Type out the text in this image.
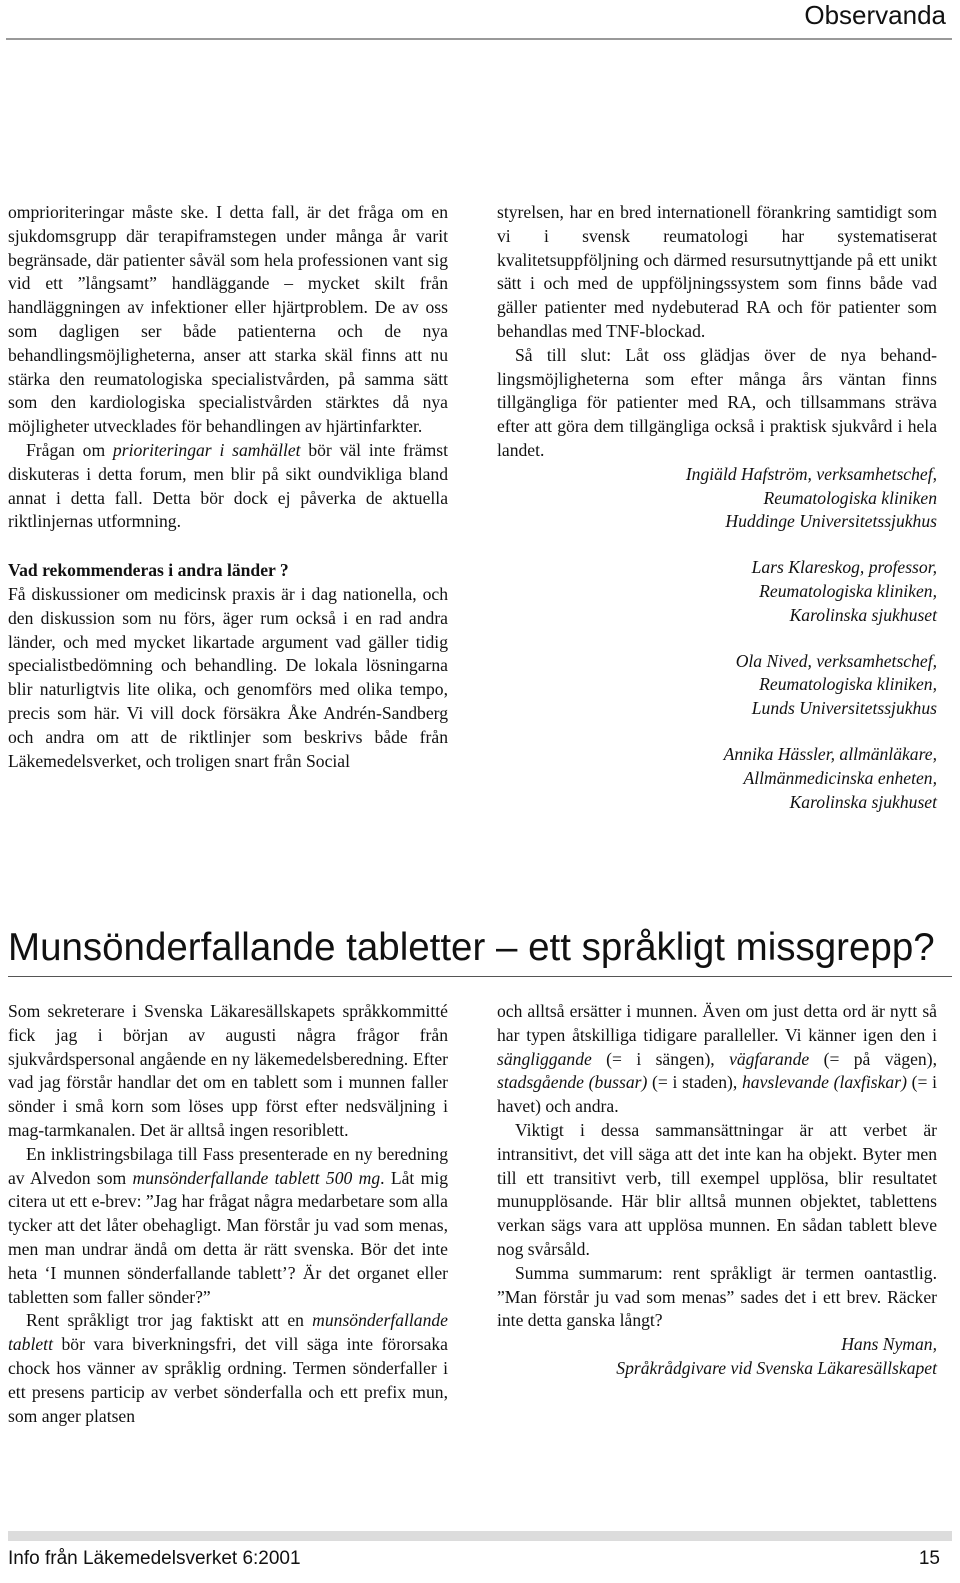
Observanda

omprioriteringar måste ske. I detta fall, är det fråga om en sjukdomsgrupp där terapiframstegen under många år varit begränsade, där patienter såväl som hela professionen vant sig vid ett ”långsamt” handläggande – mycket skilt från handläggningen av infektioner eller hjärtproblem. De av oss som dagligen ser både patienterna och de nya behandlingsmöjligheterna, anser att starka skäl finns att nu stärka den reumatologiska specialistvården, på samma sätt som den kardiologiska specialistvården stärktes då nya möjligheter utvecklades för behandlingen av hjärtinfarkter.

Frågan om prioriteringar i samhället bör väl inte främst diskuteras i detta forum, men blir på sikt oundvikliga bland annat i detta fall. Detta bör dock ej påverka de aktuella riktlinjernas utformning.

Vad rekommenderas i andra länder ?

Få diskussioner om medicinsk praxis är i dag nationella, och den diskussion som nu förs, äger rum också i en rad andra länder, och med mycket likartade argument vad gäller tidig specialistbedömning och behandling. De lokala lösningarna blir naturligtvis lite olika, och genomförs med olika tempo, precis som här. Vi vill dock försäkra Åke Andrén-Sandberg och andra om att de riktlinjer som beskrivs både från Läkemedelsverket, och troligen snart från Social

styrelsen, har en bred internationell förankring samtidigt som vi i svensk reumatologi har systematiserat kvalitetsuppföljning och därmed resursutnyttjande på ett unikt sätt i och med de uppföljningssystem som finns både vad gäller patienter med nydebuterad RA och för patienter som behandlas med TNF-blockad.

Så till slut: Låt oss glädjas över de nya behandlingsmöjligheterna som efter många års väntan finns tillgängliga för patienter med RA, och tillsammans sträva efter att göra dem tillgängliga också i praktisk sjukvård i hela landet.

Ingiäld Hafström, verksamhetschef,

Reumatologiska kliniken

Huddinge Universitetssjukhus

Lars Klareskog, professor,

Reumatologiska kliniken,

Karolinska sjukhuset

Ola Nived, verksamhetschef,

Reumatologiska kliniken,

Lunds Universitetssjukhus

Annika Hässler, allmänläkare,

Allmänmedicinska enheten,

Karolinska sjukhuset

Munsönderfallande tabletter – ett språkligt missgrepp?

Som sekreterare i Svenska Läkaresällskapets språkkommitté fick jag i början av augusti några frågor från sjukvårdspersonal angående en ny läkemedelsberedning. Efter vad jag förstår handlar det om en tablett som i munnen faller sönder i små korn som löses upp först efter nedsväljning i mag-tarmkanalen. Det är alltså ingen resoriblett.

En inklistringsbilaga till Fass presenterade en ny beredning av Alvedon som munsönderfallande tablett 500 mg. Låt mig citera ut ett e-brev: ”Jag har frågat några medarbetare som alla tycker att det låter obehagligt. Man förstår ju vad som menas, men man undrar ändå om detta är rätt svenska. Bör det inte heta ‘I munnen sönderfallande tablett’? Är det organet eller tabletten som faller sönder?”

Rent språkligt tror jag faktiskt att en munsönderfallande tablett bör vara biverkningsfri, det vill säga inte förorsaka chock hos vänner av språklig ordning. Termen sönderfaller i ett presens particip av verbet sönderfalla och ett prefix mun, som anger platsen

och alltså ersätter i munnen. Även om just detta ord är nytt så har typen åtskilliga tidigare paralleller. Vi känner igen den i sängliggande (= i sängen), vägfarande (= på vägen), stadsgående (bussar) (= i staden), havslevande (laxfiskar) (= i havet) och andra.

Viktigt i dessa sammansättningar är att verbet är intransitivt, det vill säga att det inte kan ha objekt. Byter men till ett transitivt verb, till exempel upplösa, blir resultatet munupplösande. Här blir alltså munnen objektet, tablettens verkan sägs vara att upplösa munnen. En sådan tablett bleve nog svårsåld.

Summa summarum: rent språkligt är termen oantastlig. ”Man förstår ju vad som menas” sades det i ett brev. Räcker inte detta ganska långt?

Hans Nyman,

Språkrådgivare vid Svenska Läkaresällskapet

Info från Läkemedelsverket 6:2001	15
